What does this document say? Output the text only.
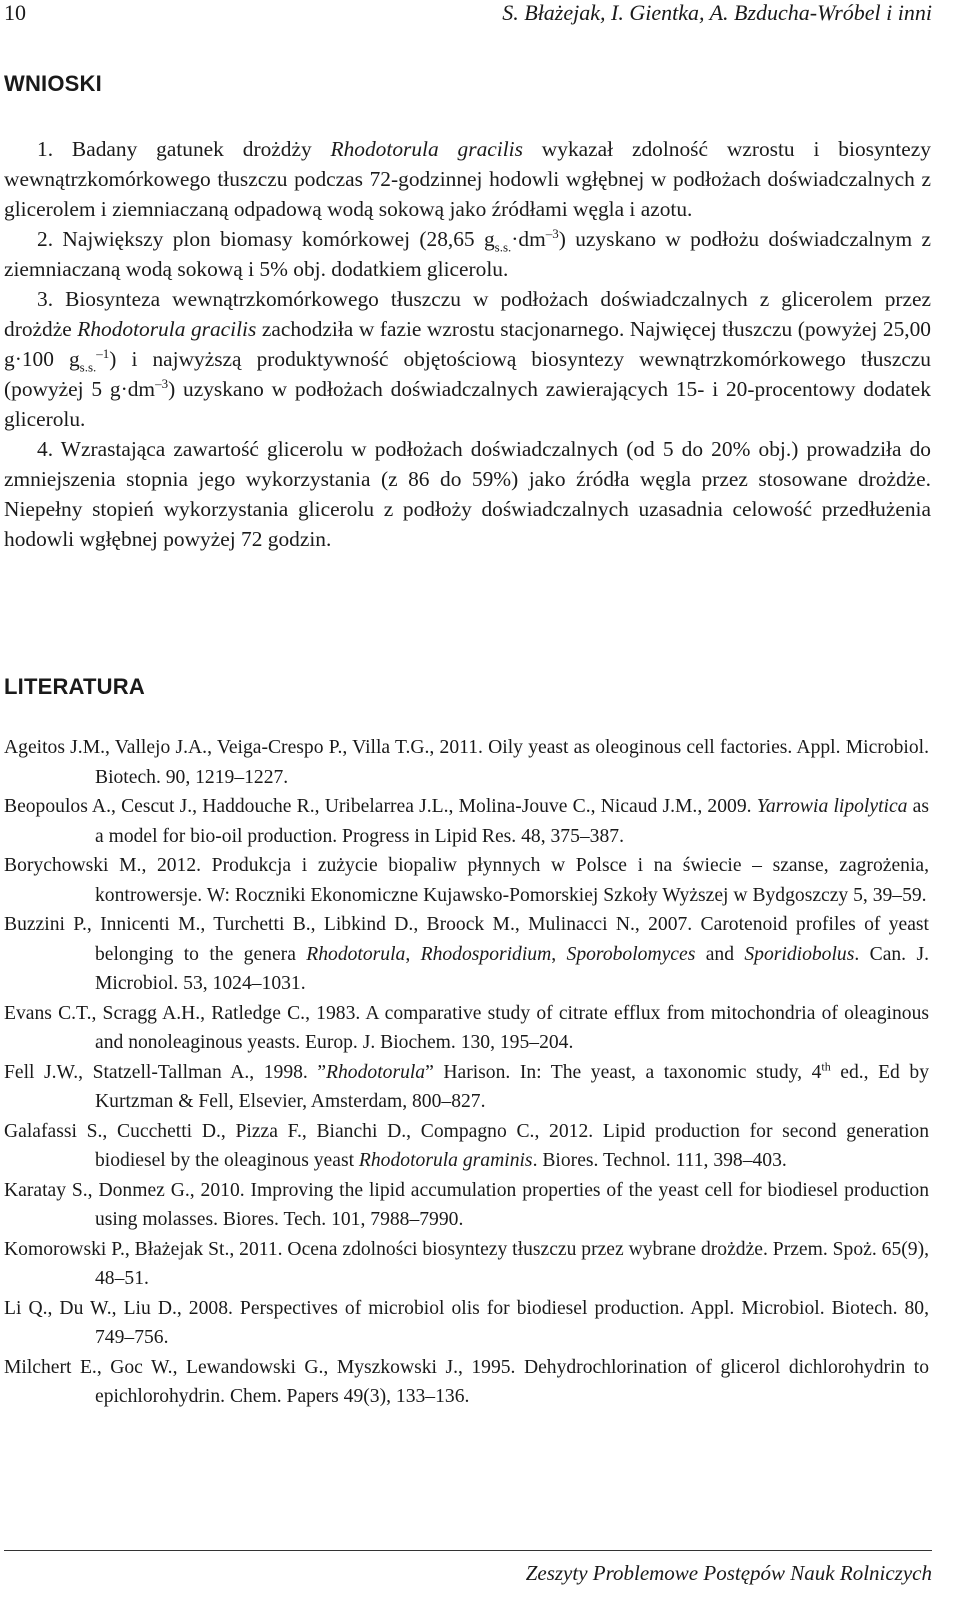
10	S. Błażejak, I. Gientka, A. Bzducha-Wróbel i inni
WNIOSKI

1. Badany gatunek drożdży Rhodotorula gracilis wykazał zdolność wzrostu i biosyntezy wewnątrzkomórkowego tłuszczu podczas 72-godzinnej hodowli wgłębnej w podłożach doświadczalnych z glicerolem i ziemniaczaną odpadową wodą sokową jako źródłami węgla i azotu.

2. Największy plon biomasy komórkowej (28,65 $g_{s.s.}\cdot dm^{-3}$) uzyskano w podłożu doświadczalnym z ziemniaczaną wodą sokową i 5% obj. dodatkiem glicerolu.

3. Biosynteza wewnątrzkomórkowego tłuszczu w podłożach doświadczalnych z glicerolem przez drożdże Rhodotorula gracilis zachodziła w fazie wzrostu stacjonarnego. Najwięcej tłuszczu (powyżej 25,00 g·100 $g_{s.s.}^{-1}$) i najwyższą produktywność objętościową biosyntezy wewnątrzkomórkowego tłuszczu (powyżej 5 $g\cdot dm^{-3}$) uzyskano w podłożach doświadczalnych zawierających 15- i 20-procentowy dodatek glicerolu.

4. Wzrastająca zawartość glicerolu w podłożach doświadczalnych (od 5 do 20% obj.) prowadziła do zmniejszenia stopnia jego wykorzystania (z 86 do 59%) jako źródła węgla przez stosowane drożdże. Niepełny stopień wykorzystania glicerolu z podłoży doświadczalnych uzasadnia celowość przedłużenia hodowli wgłębnej powyżej 72 godzin.

LITERATURA

Ageitos J.M., Vallejo J.A., Veiga-Crespo P., Villa T.G., 2011. Oily yeast as oleoginous cell factories. Appl. Microbiol. Biotech. 90, 1219–1227.

Beopoulos A., Cescut J., Haddouche R., Uribelarrea J.L., Molina-Jouve C., Nicaud J.M., 2009. Yarrowia lipolytica as a model for bio-oil production. Progress in Lipid Res. 48, 375–387.

Borychowski M., 2012. Produkcja i zużycie biopaliw płynnych w Polsce i na świecie – szanse, zagrożenia, kontrowersje. W: Roczniki Ekonomiczne Kujawsko-Pomorskiej Szkoły Wyższej w Bydgoszczy 5, 39–59.

Buzzini P., Innicenti M., Turchetti B., Libkind D., Broock M., Mulinacci N., 2007. Carotenoid profiles of yeast belonging to the genera Rhodotorula, Rhodosporidium, Sporobolomyces and Sporidiobolus. Can. J. Microbiol. 53, 1024–1031.

Evans C.T., Scragg A.H., Ratledge C., 1983. A comparative study of citrate efflux from mitochondria of oleaginous and nonoleaginous yeasts. Europ. J. Biochem. 130, 195–204.

Fell J.W., Statzell-Tallman A., 1998. ”Rhodotorula” Harison. In: The yeast, a taxonomic study, 4th ed., Ed by Kurtzman & Fell, Elsevier, Amsterdam, 800–827.

Galafassi S., Cucchetti D., Pizza F., Bianchi D., Compagno C., 2012. Lipid production for second generation biodiesel by the oleaginous yeast Rhodotorula graminis. Biores. Technol. 111, 398–403.

Karatay S., Donmez G., 2010. Improving the lipid accumulation properties of the yeast cell for biodiesel production using molasses. Biores. Tech. 101, 7988–7990.

Komorowski P., Błażejak St., 2011. Ocena zdolności biosyntezy tłuszczu przez wybrane drożdże. Przem. Spoż. 65(9), 48–51.

Li Q., Du W., Liu D., 2008. Perspectives of microbiol olis for biodiesel production. Appl. Microbiol. Biotech. 80, 749–756.

Milchert E., Goc W., Lewandowski G., Myszkowski J., 1995. Dehydrochlorination of glicerol dichlorohydrin to epichlorohydrin. Chem. Papers 49(3), 133–136.

Zeszyty Problemowe Postępów Nauk Rolniczych
